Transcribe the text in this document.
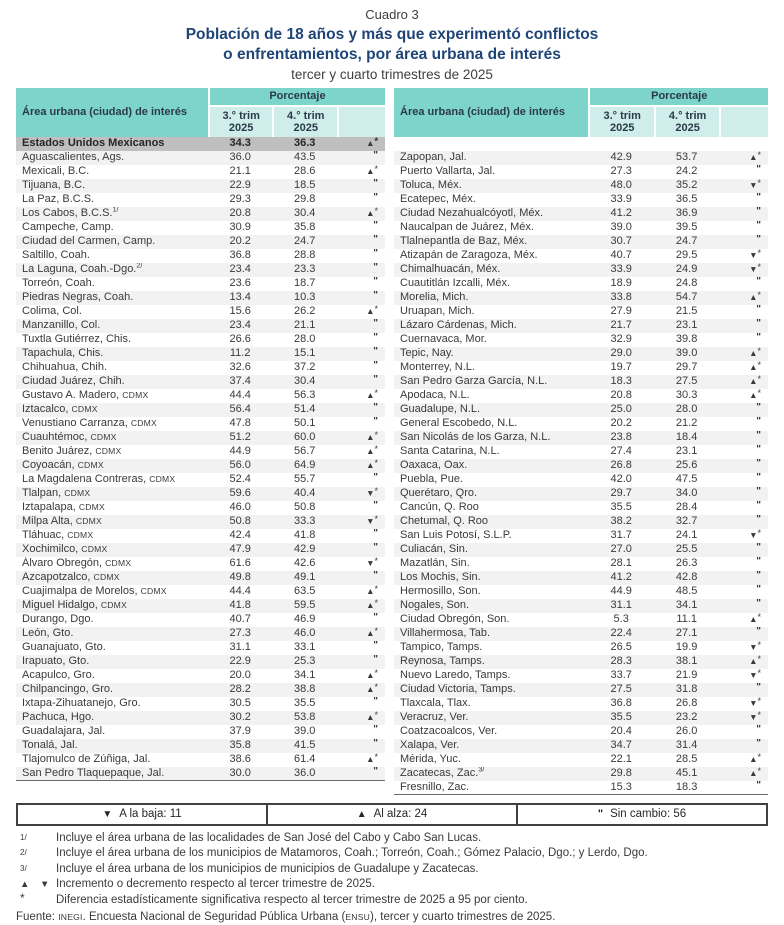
Cuadro 3
Población de 18 años y más que experimentó conflictos
o enfrentamientos, por área urbana de interés
tercer y cuarto trimestres de 2025
Área urbana (ciudad) de interés	Porcentaje		

3.° trim
2025

4.° trim
2025

Estados Unidos Mexicanos	34.3	36.3	▲*
Aguascalientes, Ags.	36.0	43.5	"
Mexicali, B.C.	21.1	28.6	▲*
Tijuana, B.C.	22.9	18.5	"
La Paz, B.C.S.	29.3	29.8	"
Los Cabos, B.C.S.$^{1/}$	20.8	30.4	▲*
Campeche, Camp.	30.9	35.8	"
Ciudad del Carmen, Camp.	20.2	24.7	"
Saltillo, Coah.	36.8	28.8	"
La Laguna, Coah.-Dgo.$^{2/}$	23.4	23.3	"
Torreón, Coah.	23.6	18.7	"
Piedras Negras, Coah.	13.4	10.3	"
Colima, Col.	15.6	26.2	▲*
Manzanillo, Col.	23.4	21.1	"
Tuxtla Gutiérrez, Chis.	26.6	28.0	"
Tapachula, Chis.	11.2	15.1	"
Chihuahua, Chih.	32.6	37.2	"
Ciudad Juárez, Chih.	37.4	30.4	"
Gustavo A. Madero, CDMX	44.4	56.3	▲*
Iztacalco, CDMX	56.4	51.4	"
Venustiano Carranza, CDMX	47.8	50.1	"
Cuauhtémoc, CDMX	51.2	60.0	▲*
Benito Juárez, CDMX	44.9	56.7	▲*
Coyoacán, CDMX	56.0	64.9	▲*
La Magdalena Contreras, CDMX	52.4	55.7	"
Tlalpan, CDMX	59.6	40.4	▼*
Iztapalapa, CDMX	46.0	50.8	"
Milpa Alta, CDMX	50.8	33.3	▼*
Tláhuac, CDMX	42.4	41.8	"
Xochimilco, CDMX	47.9	42.9	"
Álvaro Obregón, CDMX	61.6	42.6	▼*
Azcapotzalco, CDMX	49.8	49.1	"
Cuajimalpa de Morelos, CDMX	44.4	63.5	▲*
Miguel Hidalgo, CDMX	41.8	59.5	▲*
Durango, Dgo.	40.7	46.9	"
León, Gto.	27.3	46.0	▲*
Guanajuato, Gto.	31.1	33.1	"
Irapuato, Gto.	22.9	25.3	"
Acapulco, Gro.	20.0	34.1	▲*
Chilpancingo, Gro.	28.2	38.8	▲*
Ixtapa-Zihuatanejo, Gro.	30.5	35.5	"
Pachuca, Hgo.	30.2	53.8	▲*
Guadalajara, Jal.	37.9	39.0	"
Tonalá, Jal.	35.8	41.5	"
Tlajomulco de Zúñiga, Jal.	38.6	61.4	▲*
San Pedro Tlaquepaque, Jal.	30.0	36.0	"
Área urbana (ciudad) de interés	Porcentaje		

3.° trim
2025

4.° trim
2025

Zapopan, Jal.	42.9	53.7	▲*
Puerto Vallarta, Jal.	27.3	24.2	"
Toluca, Méx.	48.0	35.2	▼*
Ecatepec, Méx.	33.9	36.5	"
Ciudad Nezahualcóyotl, Méx.	41.2	36.9	"
Naucalpan de Juárez, Méx.	39.0	39.5	"
Tlalnepantla de Baz, Méx.	30.7	24.7	"
Atizapán de Zaragoza, Méx.	40.7	29.5	▼*
Chimalhuacán, Méx.	33.9	24.9	▼*
Cuautitlán Izcalli, Méx.	18.9	24.8	"
Morelia, Mich.	33.8	54.7	▲*
Uruapan, Mich.	27.9	21.5	"
Lázaro Cárdenas, Mich.	21.7	23.1	"
Cuernavaca, Mor.	32.9	39.8	"
Tepic, Nay.	29.0	39.0	▲*
Monterrey, N.L.	19.7	29.7	▲*
San Pedro Garza García, N.L.	18.3	27.5	▲*
Apodaca, N.L.	20.8	30.3	▲*
Guadalupe, N.L.	25.0	28.0	"
General Escobedo, N.L.	20.2	21.2	"
San Nicolás de los Garza, N.L.	23.8	18.4	"
Santa Catarina, N.L.	27.4	23.1	"
Oaxaca, Oax.	26.8	25.6	"
Puebla, Pue.	42.0	47.5	"
Querétaro, Qro.	29.7	34.0	"
Cancún, Q. Roo	35.5	28.4	"
Chetumal, Q. Roo	38.2	32.7	"
San Luis Potosí, S.L.P.	31.7	24.1	▼*
Culiacán, Sin.	27.0	25.5	"
Mazatlán, Sin.	28.1	26.3	"
Los Mochis, Sin.	41.2	42.8	"
Hermosillo, Son.	44.9	48.5	"
Nogales, Son.	31.1	34.1	"
Ciudad Obregón, Son.	5.3	11.1	▲*
Villahermosa, Tab.	22.4	27.1	"
Tampico, Tamps.	26.5	19.9	▼*
Reynosa, Tamps.	28.3	38.1	▲*
Nuevo Laredo, Tamps.	33.7	21.9	▼*
Ciudad Victoria, Tamps.	27.5	31.8	"
Tlaxcala, Tlax.	36.8	26.8	▼*
Veracruz, Ver.	35.5	23.2	▼*
Coatzacoalcos, Ver.	20.4	26.0	"
Xalapa, Ver.	34.7	31.4	"
Mérida, Yuc.	22.1	28.5	▲*
Zacatecas, Zac.$^{3/}$	29.8	45.1	▲*
Fresnillo, Zac.	15.3	18.3	"
▼ A la baja: 11	▲ Al alza: 24	" Sin cambio: 56
1/	Incluye el área urbana de las localidades de San José del Cabo y Cabo San Lucas.
2/	Incluye el área urbana de los municipios de Matamoros, Coah.; Torreón, Coah.; Gómez Palacio, Dgo.; y Lerdo, Dgo.
3/	Incluye el área urbana de los municipios de municipios de Guadalupe y Zacatecas.
▲ ▼ Incremento o decremento respecto al tercer trimestre de 2025.
*	Diferencia estadísticamente significativa respecto al tercer trimestre de 2025 a 95 por ciento.
Fuente: INEGI. Encuesta Nacional de Seguridad Pública Urbana (ENSU), tercer y cuarto trimestres de 2025.
